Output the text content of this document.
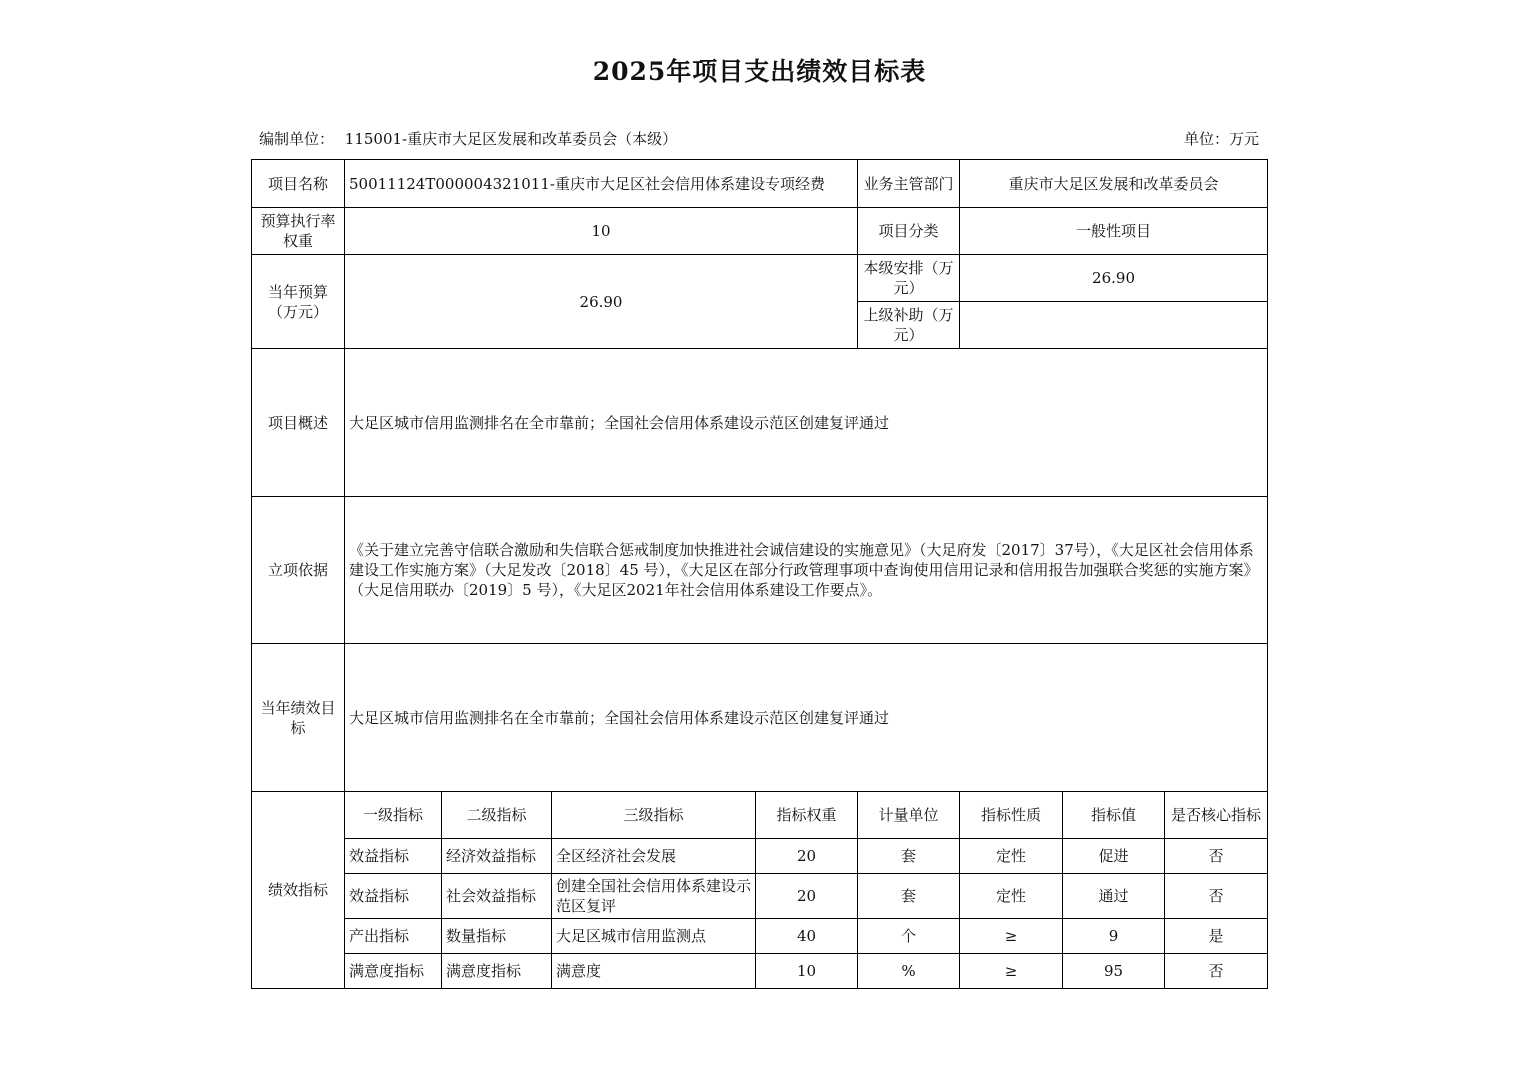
2025年项目支出绩效目标表
编制单位： 115001-重庆市大足区发展和改革委员会（本级）	单位：万元
项目名称	50011124T000004321011-重庆市大足区社会信用体系建设专项经费				业务主管部门	重庆市大足区发展和改革委员会		
预算执行率权重	10				项目分类	一般性项目		
当年预算（万元）	26.90				本级安排（万元）	26.90		
					上级补助（万元）			
项目概述	大足区城市信用监测排名在全市靠前；全国社会信用体系建设示范区创建复评通过							
立项依据	《关于建立完善守信联合激励和失信联合惩戒制度加快推进社会诚信建设的实施意见》（大足府发〔2017〕37号），《大足区社会信用体系建设工作实施方案》（大足发改〔2018〕45 号），《大足区在部分行政管理事项中查询使用信用记录和信用报告加强联合奖惩的实施方案》（大足信用联办〔2019〕5 号），《大足区2021年社会信用体系建设工作要点》。							
当年绩效目标	大足区城市信用监测排名在全市靠前；全国社会信用体系建设示范区创建复评通过							
绩效指标	一级指标	二级指标	三级指标	指标权重	计量单位	指标性质	指标值	是否核心指标
	效益指标	经济效益指标	全区经济社会发展	20	套	定性	促进	否
	效益指标	社会效益指标	创建全国社会信用体系建设示范区复评	20	套	定性	通过	否
	产出指标	数量指标	大足区城市信用监测点	40	个	≥	9	是
	满意度指标	满意度指标	满意度	10	%	≥	95	否
